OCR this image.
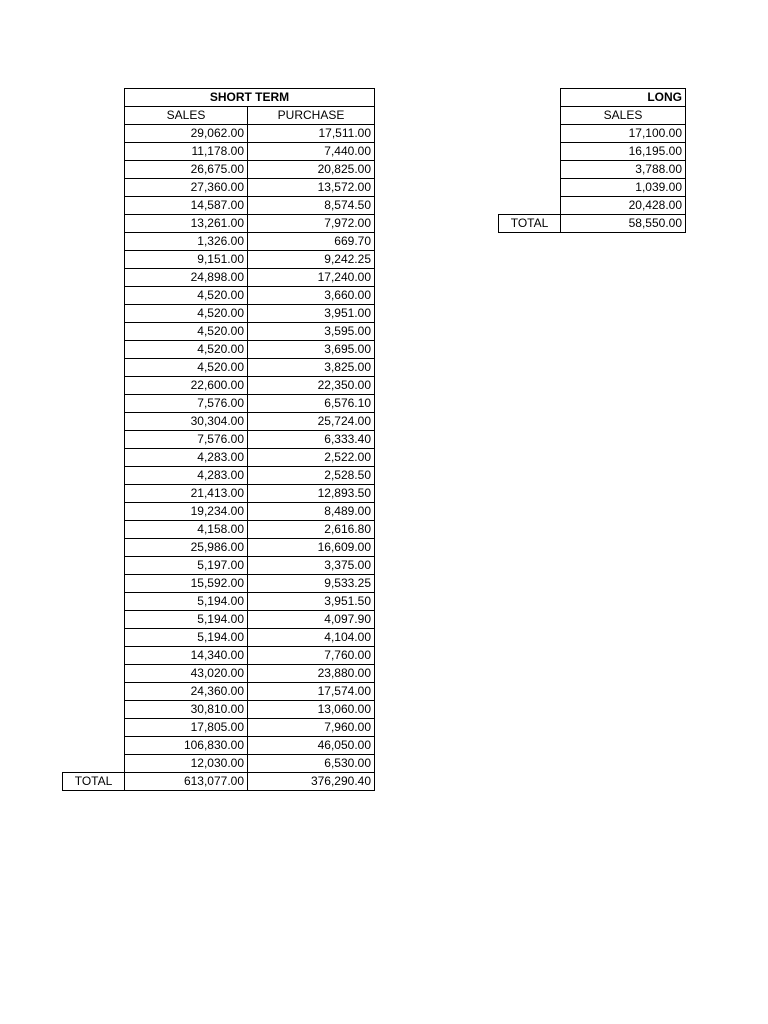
	SHORT TERM	
	SALES	PURCHASE
	29,062.00	17,511.00
	11,178.00	7,440.00
	26,675.00	20,825.00
	27,360.00	13,572.00
	14,587.00	8,574.50
	13,261.00	7,972.00
	1,326.00	669.70
	9,151.00	9,242.25
	24,898.00	17,240.00
	4,520.00	3,660.00
	4,520.00	3,951.00
	4,520.00	3,595.00
	4,520.00	3,695.00
	4,520.00	3,825.00
	22,600.00	22,350.00
	7,576.00	6,576.10
	30,304.00	25,724.00
	7,576.00	6,333.40
	4,283.00	2,522.00
	4,283.00	2,528.50
	21,413.00	12,893.50
	19,234.00	8,489.00
	4,158.00	2,616.80
	25,986.00	16,609.00
	5,197.00	3,375.00
	15,592.00	9,533.25
	5,194.00	3,951.50
	5,194.00	4,097.90
	5,194.00	4,104.00
	14,340.00	7,760.00
	43,020.00	23,880.00
	24,360.00	17,574.00
	30,810.00	13,060.00
	17,805.00	7,960.00
	106,830.00	46,050.00
	12,030.00	6,530.00
TOTAL	613,077.00	376,290.40
	LONG
	SALES
	17,100.00
	16,195.00
	3,788.00
	1,039.00
	20,428.00
TOTAL	58,550.00
